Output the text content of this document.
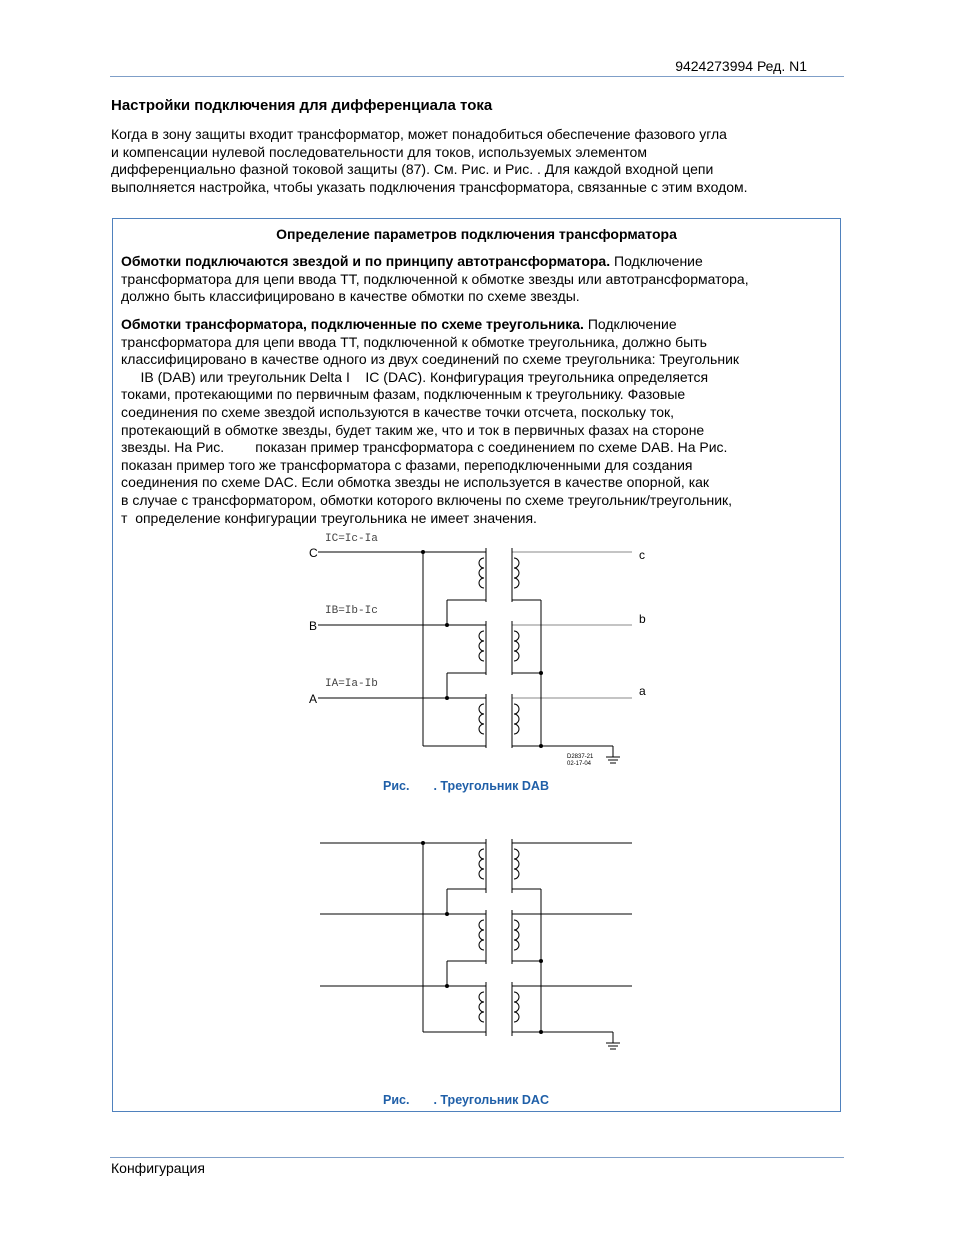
9424273994 Ред. N1
Настройки подключения для дифференциала тока
Когда в зону защиты входит трансформатор, может понадобиться обеспечение фазового угла
и компенсации нулевой последовательности для токов, используемых элементом
дифференциально фазной токовой защиты (87). См. Рис. и Рис. . Для каждой входной цепи
выполняется настройка, чтобы указать подключения трансформатора, связанные с этим входом.
Определение параметров подключения трансформатора
Обмотки подключаются звездой и по принципу автотрансформатора. Подключение
трансформатора для цепи ввода ТТ, подключенной к обмотке звезды или автотрансформатора,
должно быть классифицировано в качестве обмотки по схеме звезды.
Обмотки трансформатора, подключенные по схеме треугольника. Подключение
трансформатора для цепи ввода ТТ, подключенной к обмотке треугольника, должно быть
классифицировано в качестве одного из двух соединений по схеме треугольника: Треугольник
IB (DAB) или треугольник Delta I    IC (DAC). Конфигурация треугольника определяется
токами, протекающими по первичным фазам, подключенным к треугольнику. Фазовые
соединения по схеме звездой используются в качестве точки отсчета, поскольку ток,
протекающий в обмотке звезды, будет таким же, что и ток в первичных фазах на стороне
звезды. На Рис.        показан пример трансформатора с соединением по схеме DAB. На Рис.
показан пример того же трансформатора с фазами, переподключенными для создания
соединения по схеме DAC. Если обмотка звезды не используется в качестве опорной, как
в случае с трансформатором, обмотки которого включены по схеме треугольник/треугольник,
т  определение конфигурации треугольника не имеет значения.
C
B
A
c
b
a
IC=Ic-Ia
IB=Ib-Ic
IA=Ia-Ib
D2837-21
02-17-04
Рис. . Треугольник DAB
Рис. . Треугольник DAC
Конфигурация
